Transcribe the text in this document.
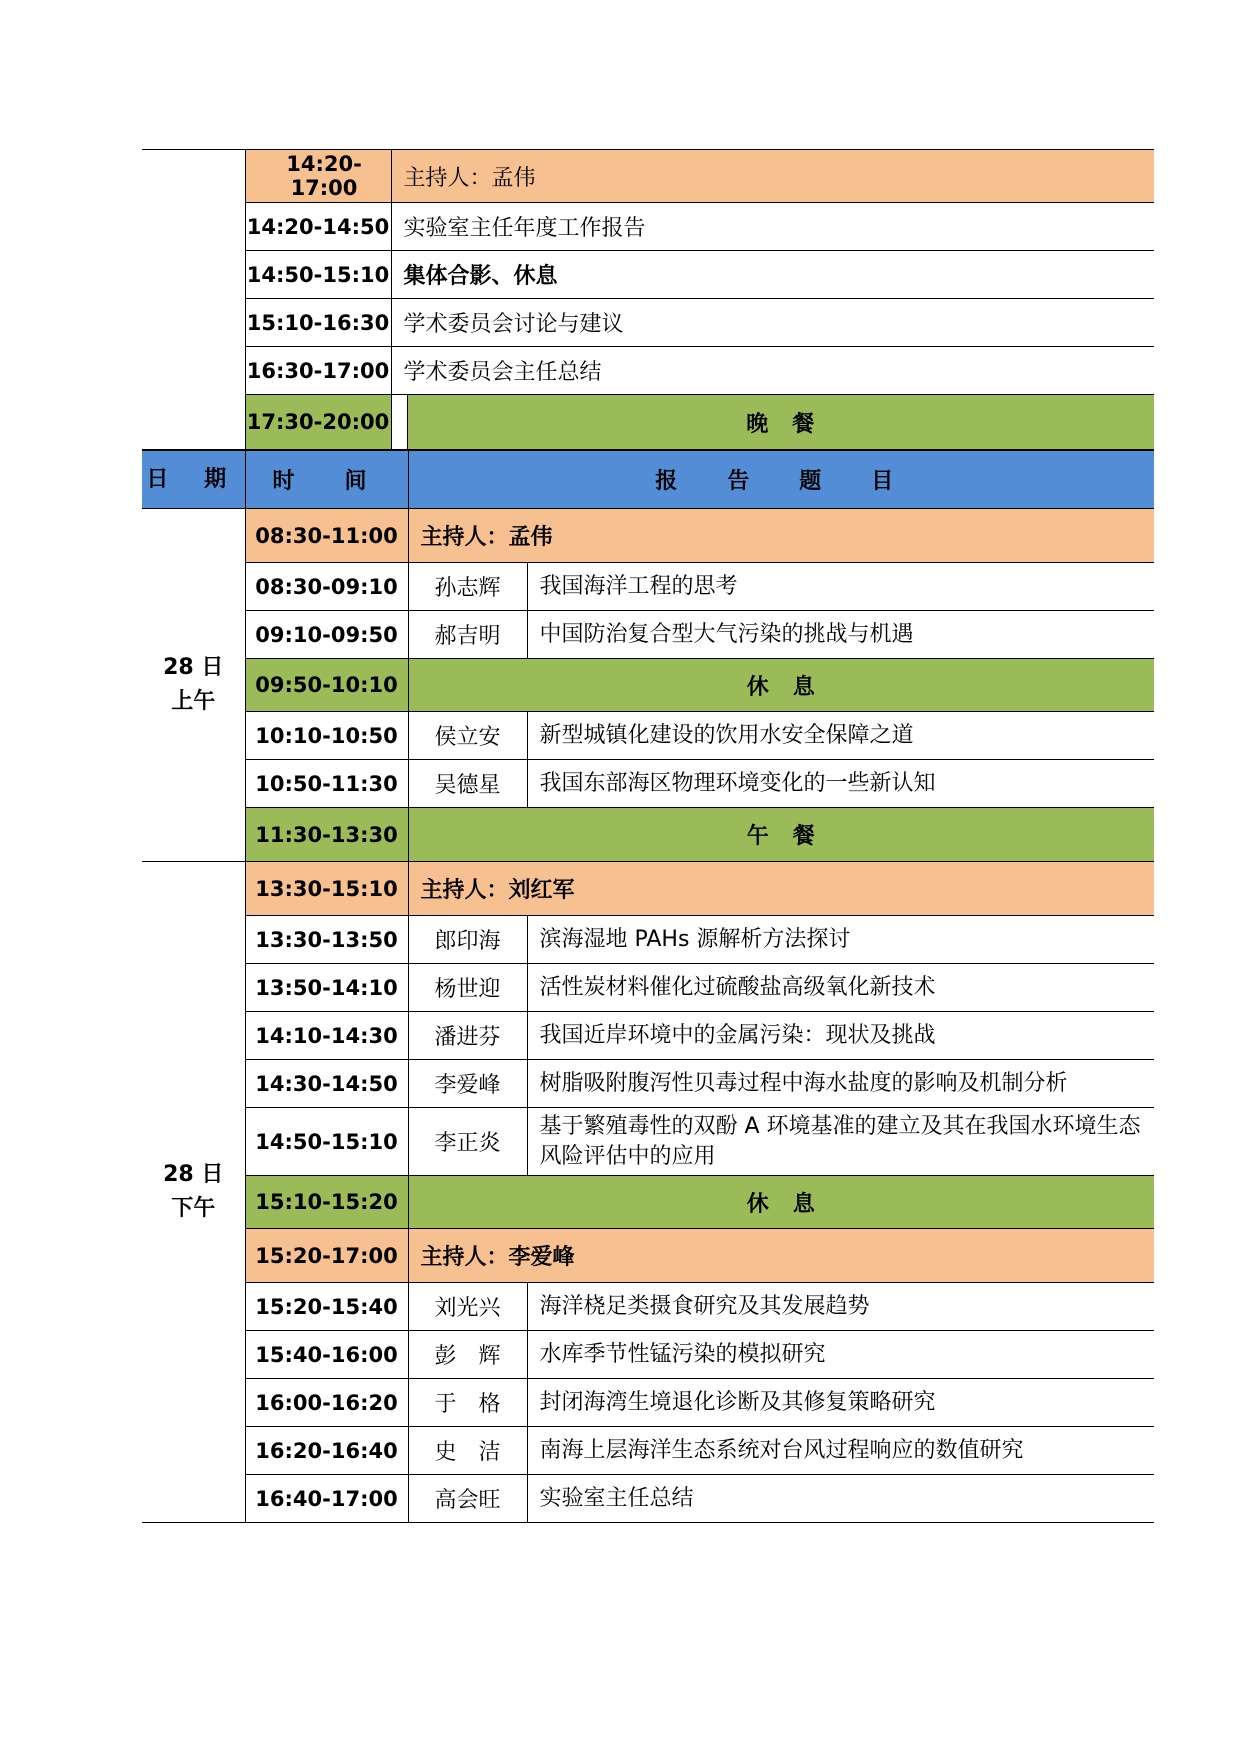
	14:20-17:00	主持人：孟伟	
	14:20-14:50	实验室主任年度工作报告	
	14:50-15:10	集体合影、休息	
	15:10-16:30	学术委员会讨论与建议	
	16:30-17:00	学术委员会主任总结	
	17:30-20:00		晚　餐
日 期	时　间	报　告　题　目	

28 日
上午	08:30-11:00	主持人：孟伟	
	08:30-09:10	孙志辉	我国海洋工程的思考
	09:10-09:50	郝吉明	中国防治复合型大气污染的挑战与机遇
	09:50-10:10	休　息	
	10:10-10:50	侯立安	新型城镇化建设的饮用水安全保障之道
	10:50-11:30	吴德星	我国东部海区物理环境变化的一些新认知
	11:30-13:30	午　餐	

28 日
下午	13:30-15:10	主持人：刘红军	
	13:30-13:50	郎印海	滨海湿地 PAHs 源解析方法探讨
	13:50-14:10	杨世迎	活性炭材料催化过硫酸盐高级氧化新技术
	14:10-14:30	潘进芬	我国近岸环境中的金属污染：现状及挑战
	14:30-14:50	李爱峰	树脂吸附腹泻性贝毒过程中海水盐度的影响及机制分析
	14:50-15:10	李正炎	基于繁殖毒性的双酚 A 环境基准的建立及其在我国水环境生态风险评估中的应用
	15:10-15:20	休　息	
	15:20-17:00	主持人：李爱峰	
	15:20-15:40	刘光兴	海洋桡足类摄食研究及其发展趋势
	15:40-16:00	彭　辉	水库季节性锰污染的模拟研究
	16:00-16:20	于　格	封闭海湾生境退化诊断及其修复策略研究
	16:20-16:40	史　洁	南海上层海洋生态系统对台风过程响应的数值研究
	16:40-17:00	高会旺	实验室主任总结
